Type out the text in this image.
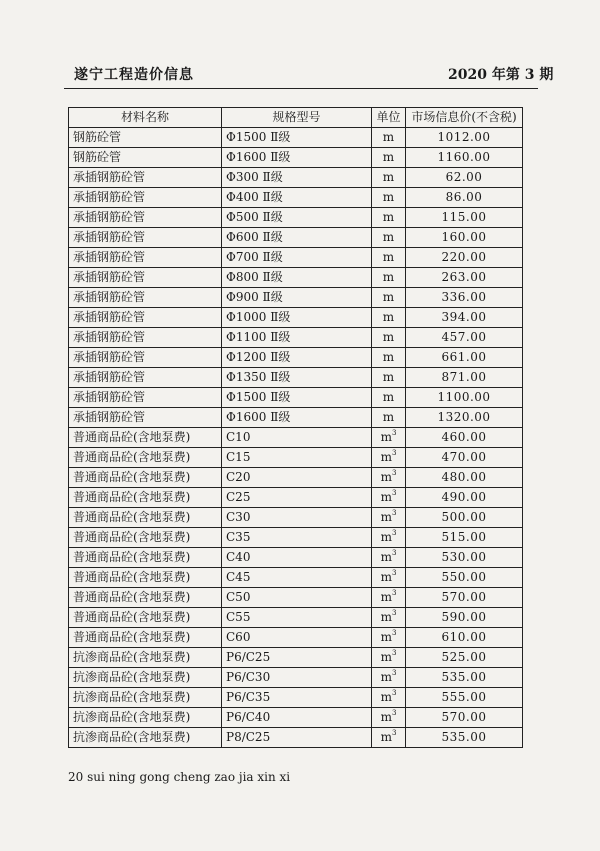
遂宁工程造价信息	2020 年第 3 期
材料名称	规格型号	单位	市场信息价(不含税)
钢筋砼管	Φ1500 Ⅱ级	m	1012.00
钢筋砼管	Φ1600 Ⅱ级	m	1160.00
承插钢筋砼管	Φ300 Ⅱ级	m	62.00
承插钢筋砼管	Φ400 Ⅱ级	m	86.00
承插钢筋砼管	Φ500 Ⅱ级	m	115.00
承插钢筋砼管	Φ600 Ⅱ级	m	160.00
承插钢筋砼管	Φ700 Ⅱ级	m	220.00
承插钢筋砼管	Φ800 Ⅱ级	m	263.00
承插钢筋砼管	Φ900 Ⅱ级	m	336.00
承插钢筋砼管	Φ1000 Ⅱ级	m	394.00
承插钢筋砼管	Φ1100 Ⅱ级	m	457.00
承插钢筋砼管	Φ1200 Ⅱ级	m	661.00
承插钢筋砼管	Φ1350 Ⅱ级	m	871.00
承插钢筋砼管	Φ1500 Ⅱ级	m	1100.00
承插钢筋砼管	Φ1600 Ⅱ级	m	1320.00
普通商品砼(含地泵费)	C10	$m^3$	460.00
普通商品砼(含地泵费)	C15	$m^3$	470.00
普通商品砼(含地泵费)	C20	$m^3$	480.00
普通商品砼(含地泵费)	C25	$m^3$	490.00
普通商品砼(含地泵费)	C30	$m^3$	500.00
普通商品砼(含地泵费)	C35	$m^3$	515.00
普通商品砼(含地泵费)	C40	$m^3$	530.00
普通商品砼(含地泵费)	C45	$m^3$	550.00
普通商品砼(含地泵费)	C50	$m^3$	570.00
普通商品砼(含地泵费)	C55	$m^3$	590.00
普通商品砼(含地泵费)	C60	$m^3$	610.00
抗渗商品砼(含地泵费)	P6/C25	$m^3$	525.00
抗渗商品砼(含地泵费)	P6/C30	$m^3$	535.00
抗渗商品砼(含地泵费)	P6/C35	$m^3$	555.00
抗渗商品砼(含地泵费)	P6/C40	$m^3$	570.00
抗渗商品砼(含地泵费)	P8/C25	$m^3$	535.00
20 sui ning gong cheng zao jia xin xi
